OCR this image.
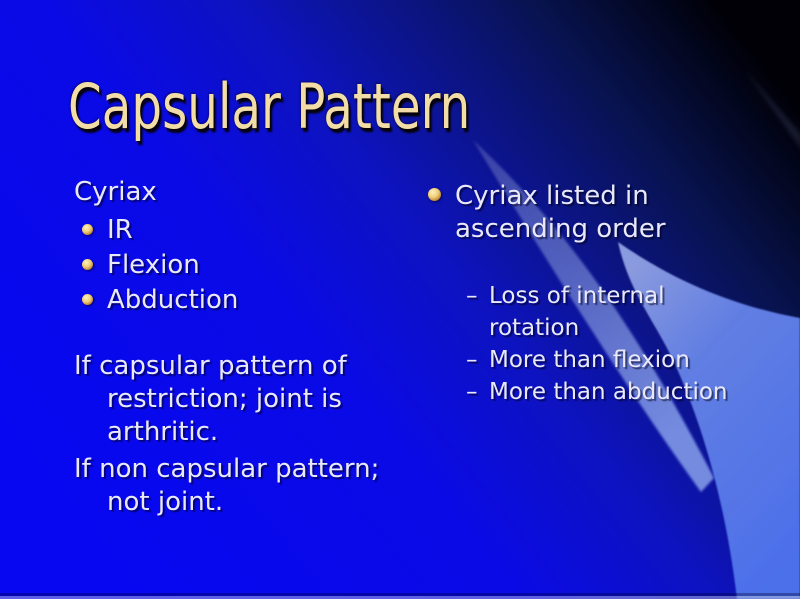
Capsular Pattern
Cyriax
IR
Flexion
Abduction

If capsular pattern of restriction; joint is arthritic.

If non capsular pattern; not joint.

Cyriax listed in ascending order
– Loss of internal rotation
– More than flexion
– More than abduction
